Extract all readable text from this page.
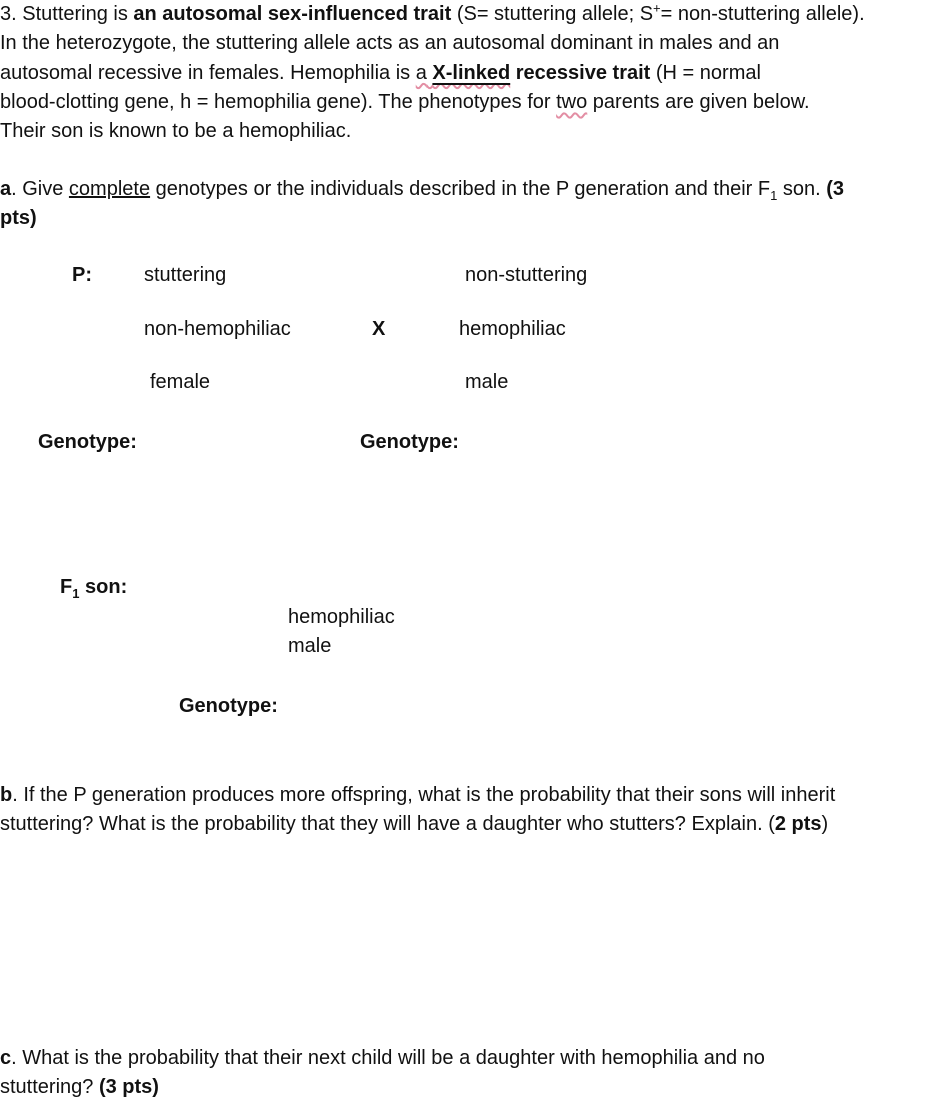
3. Stuttering is an autosomal sex-influenced trait (S= stuttering allele; S+= non-stuttering allele).
In the heterozygote, the stuttering allele acts as an autosomal dominant in males and an
autosomal recessive in females. Hemophilia is a X-linked recessive trait (H = normal
blood-clotting gene, h = hemophilia gene). The phenotypes for two parents are given below.
Their son is known to be a hemophiliac.
a. Give complete genotypes or the individuals described in the P generation and their $F_1$ son. (3
pts)
P:	stuttering
non-hemophiliac
female
X
non-stuttering
hemophiliac
male
Genotype:	Genotype:
$F_1$ son:
hemophiliac
male
Genotype:
b. If the P generation produces more offspring, what is the probability that their sons will inherit
stuttering? What is the probability that they will have a daughter who stutters? Explain. (2 pts)
c. What is the probability that their next child will be a daughter with hemophilia and no
stuttering? (3 pts)
